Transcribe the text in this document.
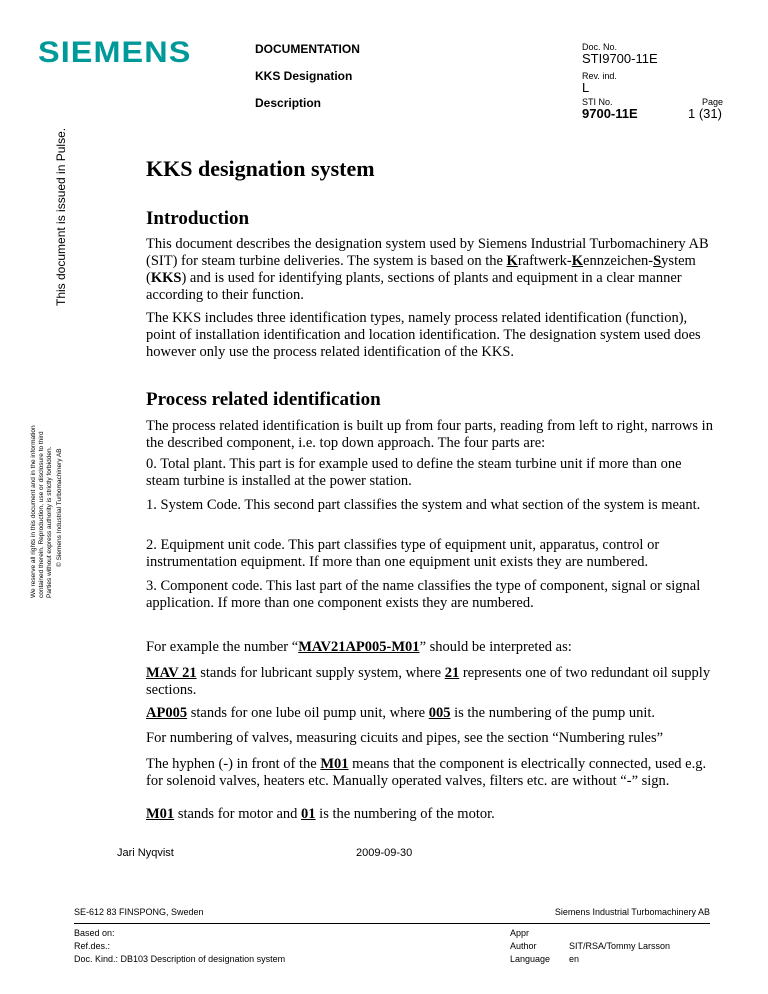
SIEMENS	DOCUMENTATION
KKS Designation
Description
Doc. No.
STI9700-11E
Rev. ind.
L
STI No.
9700-11E
Page
1 (31)
This document is issued in Pulse.
We reserve all rights in this document and in the information contained therein. Reproduction, use or disclosure to third Parties without express authority is strictly forbidden. © Siemens Industrial Turbomachinery AB
KKS designation system
Introduction

This document describes the designation system used by Siemens Industrial Turbomachinery AB (SIT) for steam turbine deliveries. The system is based on the Kraftwerk-Kennzeichen-System (KKS) and is used for identifying plants, sections of plants and equipment in a clear manner according to their function.

The KKS includes three identification types, namely process related identification (function), point of installation identification and location identification. The designation system used does however only use the process related identification of the KKS.

Process related identification

The process related identification is built up from four parts, reading from left to right, narrows in the described component, i.e. top down approach. The four parts are:

0. Total plant. This part is for example used to define the steam turbine unit if more than one steam turbine is installed at the power station.

1. System Code. This second part classifies the system and what section of the system is meant.

2. Equipment unit code. This part classifies type of equipment unit, apparatus, control or instrumentation equipment. If more than one equipment unit exists they are numbered.

3. Component code. This last part of the name classifies the type of component, signal or signal application. If more than one component exists they are numbered.

For example the number “MAV21AP005-M01” should be interpreted as:

MAV 21 stands for lubricant supply system, where 21 represents one of two redundant oil supply sections.

AP005 stands for one lube oil pump unit, where 005 is the numbering of the pump unit.

For numbering of valves, measuring cicuits and pipes, see the section “Numbering rules”

The hyphen (-) in front of the M01 means that the component is electrically connected, used e.g. for solenoid valves, heaters etc. Manually operated valves, filters etc. are without “-” sign.

M01 stands for motor and 01 is the numbering of the motor.

Jari Nyqvist	2009-09-30
SE-612 83 FINSPONG, Sweden	Siemens Industrial Turbomachinery AB
Based on:
Ref.des.:
Doc. Kind.: DB103 Description of designation system
Appr
Author	SIT/RSA/Tommy Larsson
Language en
